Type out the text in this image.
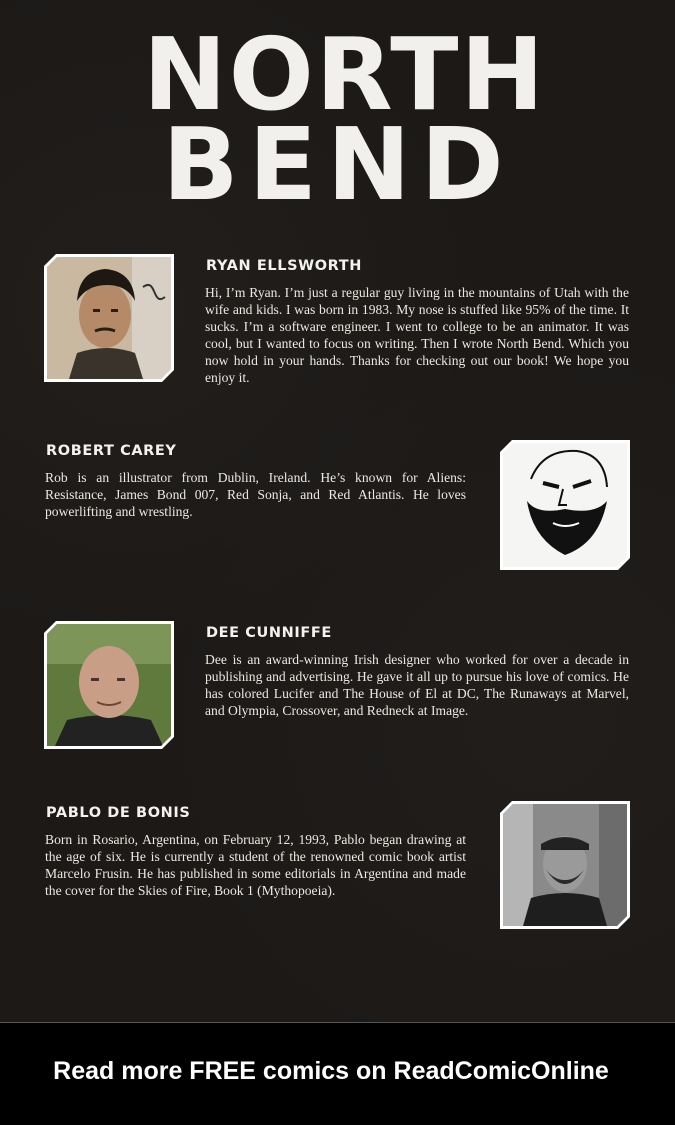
NORTH
BEND
RYAN ELLSWORTH

Hi, I’m Ryan. I’m just a regular guy living in the mountains of Utah with the wife and kids. I was born in 1983. My nose is stuffed like 95% of the time. It sucks. I’m a software engineer. I went to college to be an animator. It was cool, but I wanted to focus on writing. Then I wrote North Bend. Which you now hold in your hands. Thanks for checking out our book! We hope you enjoy it.

ROBERT CAREY

Rob is an illustrator from Dublin, Ireland. He’s known for Aliens: Resistance, James Bond 007, Red Sonja, and Red Atlantis. He loves powerlifting and wrestling.

DEE CUNNIFFE

Dee is an award-winning Irish designer who worked for over a decade in publishing and advertising. He gave it all up to pursue his love of comics. He has colored Lucifer and The House of El at DC, The Runaways at Marvel, and Olympia, Crossover, and Redneck at Image.

PABLO DE BONIS

Born in Rosario, Argentina, on February 12, 1993, Pablo began drawing at the age of six. He is currently a student of the renowned comic book artist Marcelo Frusin. He has published in some editorials in Argentina and made the cover for the Skies of Fire, Book 1 (Mythopoeia).

Read more FREE comics on ReadComicOnline
